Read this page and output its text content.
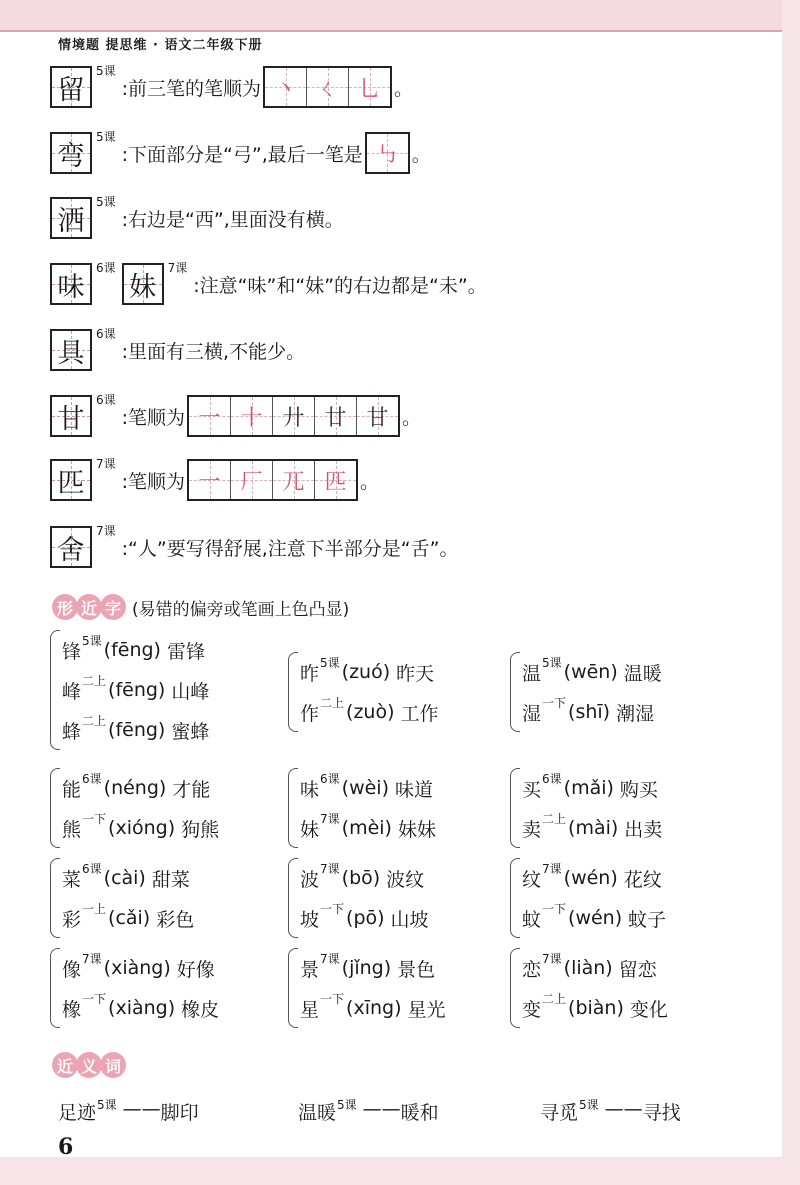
情境题 提思维 · 语文二年级下册
留
5课
:前三笔的笔顺为 丶 ㄑ 乚 。
弯
5课
:下面部分是“弓”,最后一笔是 ㇉ 。
洒
5课
:右边是“西”,里面没有横。
味
6课
妹
7课
:注意“味”和“妹”的右边都是“未”。
具
6课
:里面有三横,不能少。
甘
6课
:笔顺为 一 十 廾 廿 甘 。
匹
7课
:笔顺为 一 厂 兀 匹 。
舍
7课
:“人”要写得舒展,注意下半部分是“舌”。
形 近 字 (易错的偏旁或笔画上色凸显)
锋 5课 (fēng) 雷锋
峰 二上 (fēng) 山峰
蜂 二上 (fēng) 蜜蜂
昨 5课 (zuó) 昨天
作 二上 (zuò) 工作
温 5课 (wēn) 温暖
湿 一下 (shī) 潮湿
能 6课 (néng) 才能
熊 一下 (xióng) 狗熊
味 6课 (wèi) 味道
妹 7课 (mèi) 妹妹
买 6课 (mǎi) 购买
卖 二上 (mài) 出卖
菜 6课 (cài) 甜菜
彩 一上 (cǎi) 彩色
波 7课 (bō) 波纹
坡 一下 (pō) 山坡
纹 7课 (wén) 花纹
蚊 一下 (wén) 蚊子
像 7课 (xiàng) 好像
橡 一下 (xiàng) 橡皮
景 7课 (jǐng) 景色
星 一下 (xīng) 星光
恋 7课 (liàn) 留恋
变 二上 (biàn) 变化
近 义 词
足迹 5课 —— 脚印	温暖 5课 —— 暖和	寻觅 5课 —— 寻找
6
